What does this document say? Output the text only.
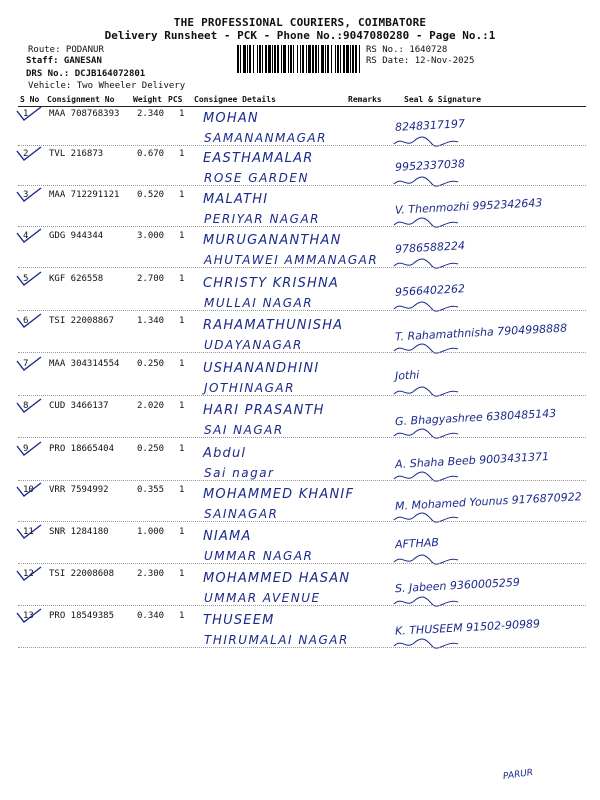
THE PROFESSIONAL COURIERS, COIMBATORE
Delivery Runsheet - PCK - Phone No.:9047080280 - Page No.:1
Route: PODANUR
Staff: GANESAN
DRS No.: DCJB164072801
Vehicle: Two Wheeler Delivery
RS No.: 1640728
RS Date: 12-Nov-2025
S No Consignment No Weight PCS Consignee Details	Remarks	Seal & Signature
1 MAA 708768393 2.340 1 MOHAN
SAMANANMAGAR
8248317197
2 TVL 216873	0.670 1 EASTHAMALAR
ROSE GARDEN
9952337038
3 MAA 712291121 0.520 1 MALATHI
PERIYAR NAGAR
V. Thenmozhi 9952342643
4 GDG 944344	3.000 1 MURUGANANTHAN
AHUTAWEI AMMANAGAR
9786588224
5 KGF 626558	2.700 1 CHRISTY KRISHNA
MULLAI NAGAR
9566402262
6 TSI 22008867	1.340 1 RAHAMATHUNISHA
UDAYANAGAR
T. Rahamathnisha 7904998888
7 MAA 304314554 0.250 1 USHANANDHINI
JOTHINAGAR
Jothi
8 CUD 3466137	2.020 1 HARI PRASANTH
SAI NAGAR
G. Bhagyashree 6380485143
9 PRO 18665404	0.250 1 Abdul
Sai nagar
A. Shaha Beeb 9003431371
10 VRR 7594992	0.355 1 MOHAMMED KHANIF
SAINAGAR
M. Mohamed Younus 9176870922
11 SNR 1284180	1.000 1 NIAMA
UMMAR NAGAR
AFTHAB
12 TSI 22008608	2.300 1 MOHAMMED HASAN
UMMAR AVENUE
S. Jabeen 9360005259
13 PRO 18549385	0.340 1 THUSEEM
THIRUMALAI NAGAR
K. THUSEEM 91502-90989
PARUR
